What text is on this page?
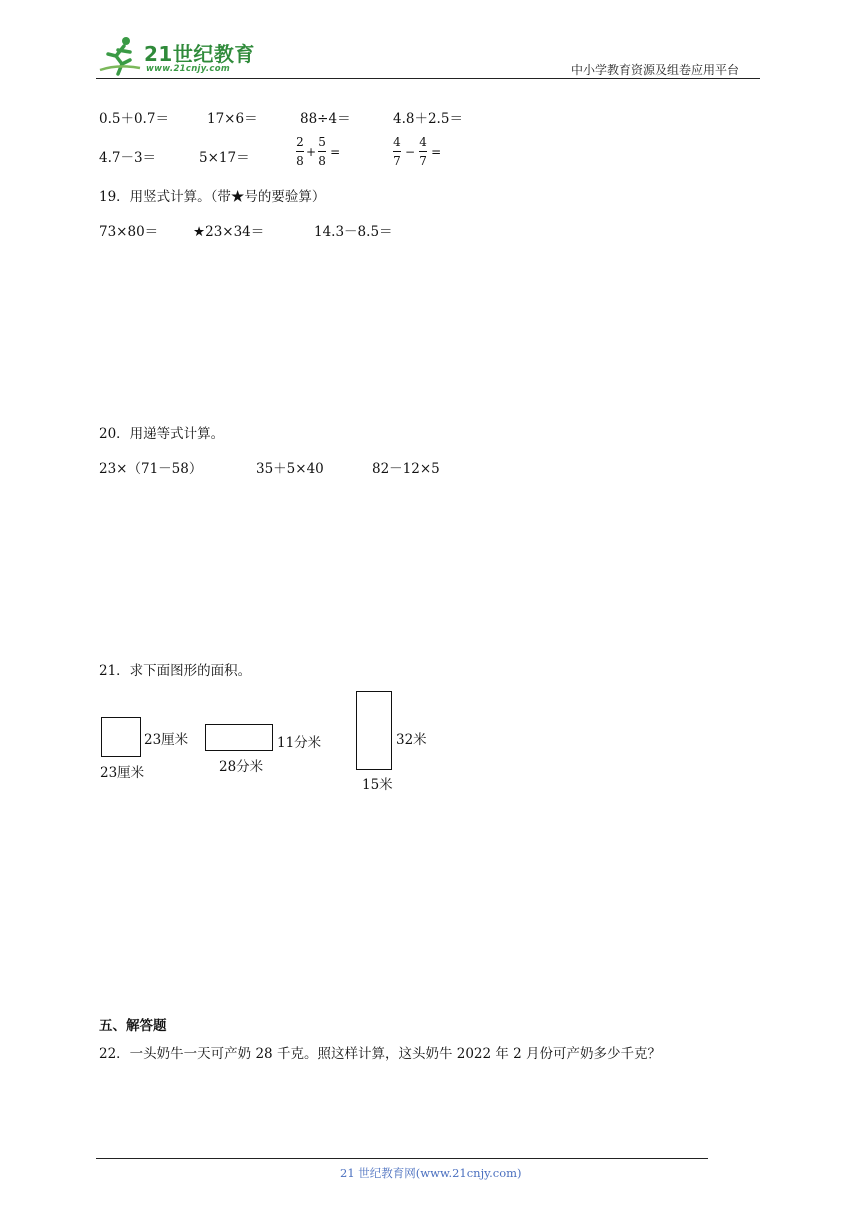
21世纪教育
www.21cnjy.com	中小学教育资源及组卷应用平台
0.5＋0.7＝	17×6＝	88÷4＝	4.8＋2.5＝
4.7－3＝	5×17＝	$\frac{2}{8} + \frac{5}{8}$ =	$\frac{4}{7} - \frac{4}{7}$ =
19．用竖式计算。（带★号的要验算）
73×80＝	★23×34＝	14.3－8.5＝
20．用递等式计算。
23×（71－58）	35＋5×40	82－12×5
21．求下面图形的面积。
23厘米
23厘米
11分米
28分米
32米
15米
五、解答题
22．一头奶牛一天可产奶 28 千克。照这样计算，这头奶牛 2022 年 2 月份可产奶多少千克？
21 世纪教育网(www.21cnjy.com)
